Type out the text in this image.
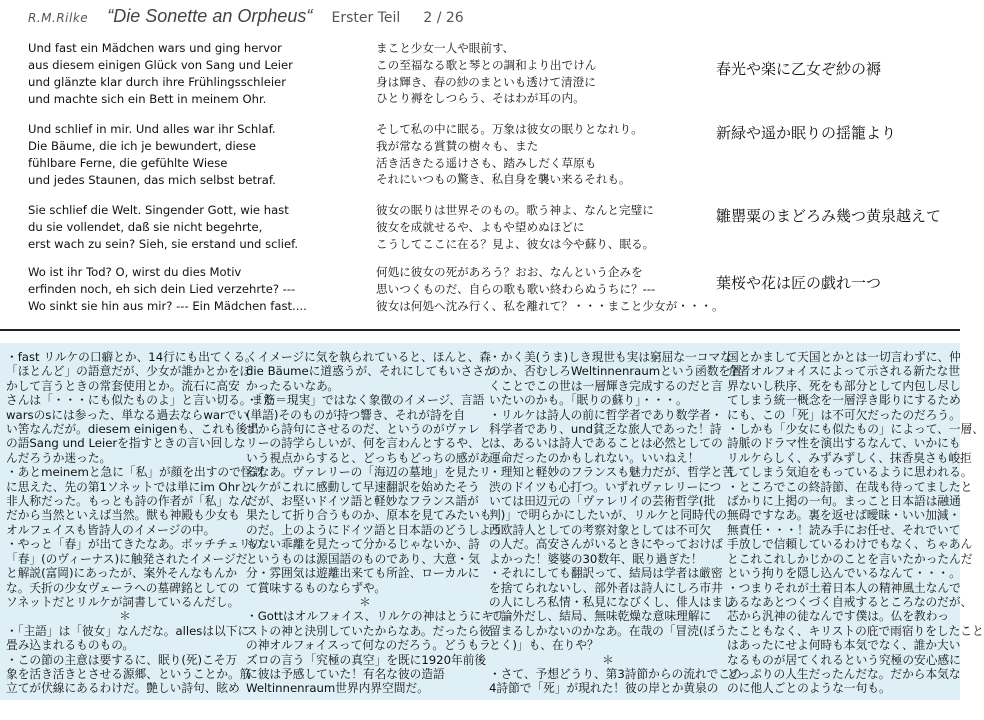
R.M.Rilke “Die Sonette an Orpheus“ Erster Teil 2 / 26
Und fast ein Mädchen wars und ging hervor
aus diesem einigen Glück von Sang und Leier
und glänzte klar durch ihre Frühlingsschleier
und machte sich ein Bett in meinem Ohr.
Und schlief in mir. Und alles war ihr Schlaf.
Die Bäume, die ich je bewundert, diese
fühlbare Ferne, die gefühlte Wiese
und jedes Staunen, das mich selbst betraf.
Sie schlief die Welt. Singender Gott, wie hast
du sie vollendet, daß sie nicht begehrte,
erst wach zu sein? Sieh, sie erstand und sclief.
Wo ist ihr Tod? O, wirst du dies Motiv
erfinden noch, eh sich dein Lied verzehrte? ---
Wo sinkt sie hin aus mir? --- Ein Mädchen fast....
まこと少女一人や眼前す、
この至福なる歌と琴との調和より出でけん
身は輝き、春の紗のまといも透けて清澄に
ひとり褥をしつらう、そはわが耳の内。
そして私の中に眠る。万象は彼女の眠りとなれり。
我が常なる賞賛の樹々も、また
活き活きたる遥けさも、踏みしだく草原も
それにいつもの驚き、私自身を襲い来るそれも。
彼女の眠りは世界そのもの。歌う神よ、なんと完璧に
彼女を成就せるや、よもや望めぬほどに
こうしてここに在る？見よ、彼女は今や蘇り、眠る。
何処に彼女の死があろう？おお、なんという企みを
思いつくものだ、自らの歌も歌い終わらぬうちに？---
彼女は何処へ沈み行く、私を離れて？・・・まこと少女が・・・。
春光や楽に乙女ぞ紗の褥
新緑や遥か眠りの揺籠より
雛罌粟のまどろみ幾つ黄泉越えて
葉桜や花は匠の戯れ一つ
・fast リルケの口癖とか、14行にも出てくる。
「ほとんど」の語意だが、少女が誰かとかをぼ
かして言うときの常套使用とか。流石に高安
さんは「・・・にも似たものよ」と言い切る。また
warsのsには参った、単なる過去ならwarでい
い筈なんだが。diesem einigenも、これも後出
の語Sang und Leierを指すときの言い回しな
んだろうか迷った。
・あとmeinemと急に「私」が顔を出すので怪訝
に思えた、先の第1ソネットでは単にim Ohrと、
非人称だった。もっとも詩の作者が「私」なん
だから当然といえば当然。獣も神殿も少女も
オルフェイスも皆詩人のイメージの中。
・やっと「春」が出てきたなあ。ボッチチェリの
「春」(のヴィーナス)に触発されたイメージだ
と解説(富岡)にあったが、案外そんなもんか
な。夭折の少女ヴェーラへの墓碑銘としての
ソネットだとリルケが詞書しているんだし。
＊
・「主語」は「彼女」なんだな。allesは以下に
畳み込まれるものもの。
・この節の主意は要するに、眠り(死)こそ万
象を活き活きとさせる源郷、ということか。筋
立てが伏線にあるわけだ。艶しい詩句、眩め
くイメージに気を執られていると、ほんと、森
die Bäumeに道惑うが、それにしてもいささか
かったるいなあ。
・「筋＝現実」ではなく象徴のイメージ、言語
(単語)そのものが持つ響き、それが詩を自
ずから詩句にさせるのだ、というのがヴァレ
リーの詩学らしいが、何を言わんとするや、と
いう視点からすると、どっちもどっちの感があ
るなあ。ヴァレリーの「海辺の墓地」を見たリ
ルケがこれに感動して早速翻訳を始めたそう
だが、お堅いドイツ語と軽妙なフランス語が
果たして折り合うものか、原本を見てみたいも
のだ。上のようにドイツ語と日本語のどうしよう
もない乖離を見たって分かるじゃないか、詩
というものは源国語のものであり、大意・気
分・雰囲気は遊離出来ても所詮、ローカルに
て賞味するものならずや。
＊
・Gottはオルフォイス、リルケの神はとうにキリ
ストの神と決別していたからなあ。だったら彼
の神オルフォイスって何なのだろう。どうもラ
ズロの言う「究極の真空」を既に1920年前後
に彼は予感していた！有名な彼の造語
Weltinnenraum世界内界空間だ。
・かく美(うま)しき現世も実は窮屈な一コマな
のか、否むしろWeltinnenraumという函数を置
くことでこの世は一層輝き完成するのだと言
いたいのかも。「眠りの蘇り」・・・。
・リルケは詩人の前に哲学者であり数学者・
科学者であり、und貧乏な旅人であった！詩
は、あるいは詩人であることは必然としての
運命だったのかもしれない。いいねえ！
・理知と軽妙のフランスも魅力だが、哲学と苦
渋のドイツも心打つ。いずれヴァレリーにつ
いては田辺元の「ヴァレリイの芸術哲学(批
判)」で明らかにしたいが、リルケと同時代の
西欧詩人としての考察対象としては不可欠
の人だ。高安さんがいるときにやっておけば
よかった！婆婆の30数年、眠り過ぎた！
・それにしても翻訳って、結局は学者は厳密
を捨てられないし、部外者は詩人にしろ市井
の人にしろ私情・私見になびくし、俳人はまし
て論外だし、結局、無味乾燥な意味理解に
留まるしかないのかなあ。在哉の「冒涜(ぼう
とく)」も、在りや？
＊
・さて、予想どうり、第3詩節からの流れでこの
4詩節で「死」が現れた！彼の岸とか黄泉の
国とかまして天国とかとは一切言わずに、仲
介者オルフォイスによって示される新たな世
界ないし秩序、死をも部分として内包し尽し
てしまう統一概念を一層浮き彫りにするため
にも、この「死」は不可欠だったのだろう。
・しかも「少女にも似たもの」によって、一層、
詩脈のドラマ性を演出するなんて、いかにも
リルケらしく、みずみずしく、抹香臭さも峻拒
してしまう気迫をもっているように思われる。
・ところでこの終詩節、在哉も待ってましたと
ばかりに上掲の一句。まっこと日本語は融通
無碍ですなあ。裏を返せば曖昧・いい加減・
無責任・・・！読み手にお任せ、それでいて
手放しで信頼しているわけでもなく、ちゃあん
とこれこれしかじかのことを言いたかったんだ
という拘りを隠し込んでいるなんて・・・。
・つまりそれが土着日本人の精神風土なんで
あるなあとつくづく自戒するところなのだが、
芯から汎神の徒なんです僕は。仏を教わっ
たこともなく、キリストの庇で雨宿りをしたこと
はあったにせよ何時も本気でなく、誰か大い
なるものが居てくれるという究極の安心感に
どっぷりの人生だったんだな。だから本気な
のに他人ごとのような一句も。
